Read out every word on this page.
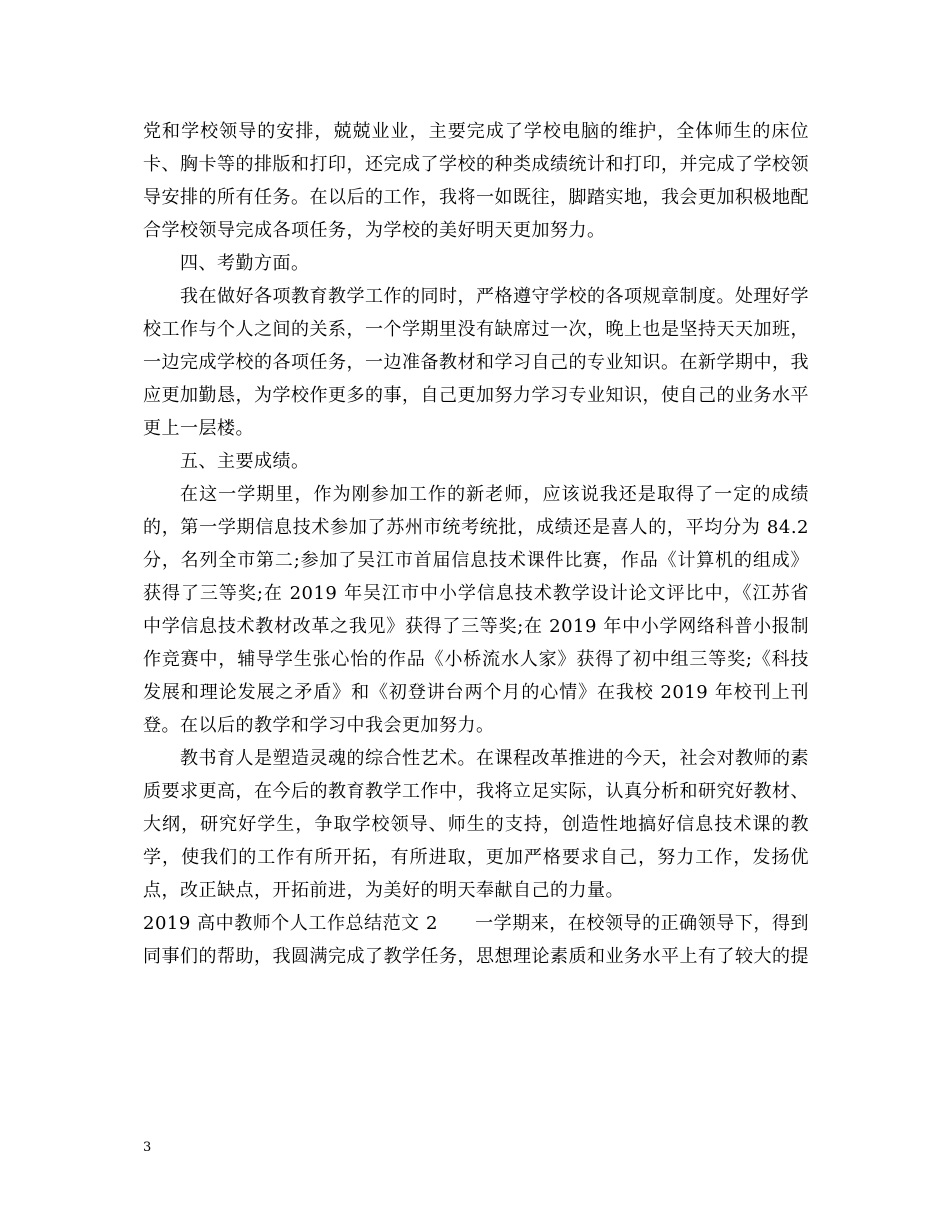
党和学校领导的安排，兢兢业业，主要完成了学校电脑的维护，全体师生的床位卡、胸卡等的排版和打印，还完成了学校的种类成绩统计和打印，并完成了学校领导安排的所有任务。在以后的工作，我将一如既往，脚踏实地，我会更加积极地配合学校领导完成各项任务，为学校的美好明天更加努力。

四、考勤方面。

我在做好各项教育教学工作的同时，严格遵守学校的各项规章制度。处理好学校工作与个人之间的关系，一个学期里没有缺席过一次，晚上也是坚持天天加班，一边完成学校的各项任务，一边准备教材和学习自己的专业知识。在新学期中，我应更加勤恳，为学校作更多的事，自己更加努力学习专业知识，使自己的业务水平更上一层楼。

五、主要成绩。

在这一学期里，作为刚参加工作的新老师，应该说我还是取得了一定的成绩的，第一学期信息技术参加了苏州市统考统批，成绩还是喜人的，平均分为 84.2 分，名列全市第二;参加了吴江市首届信息技术课件比赛，作品《计算机的组成》获得了三等奖;在 2019 年吴江市中小学信息技术教学设计论文评比中，《江苏省中学信息技术教材改革之我见》获得了三等奖;在 2019 年中小学网络科普小报制作竞赛中，辅导学生张心怡的作品《小桥流水人家》获得了初中组三等奖;《科技发展和理论发展之矛盾》和《初登讲台两个月的心情》在我校 2019 年校刊上刊登。在以后的教学和学习中我会更加努力。

教书育人是塑造灵魂的综合性艺术。在课程改革推进的今天，社会对教师的素质要求更高，在今后的教育教学工作中，我将立足实际，认真分析和研究好教材、大纲，研究好学生，争取学校领导、师生的支持，创造性地搞好信息技术课的教学，使我们的工作有所开拓，有所进取，更加严格要求自己，努力工作，发扬优点，改正缺点，开拓前进，为美好的明天奉献自己的力量。

2019 高中教师个人工作总结范文 2　　一学期来，在校领导的正确领导下，得到同事们的帮助，我圆满完成了教学任务，思想理论素质和业务水平上有了较大的提

3
